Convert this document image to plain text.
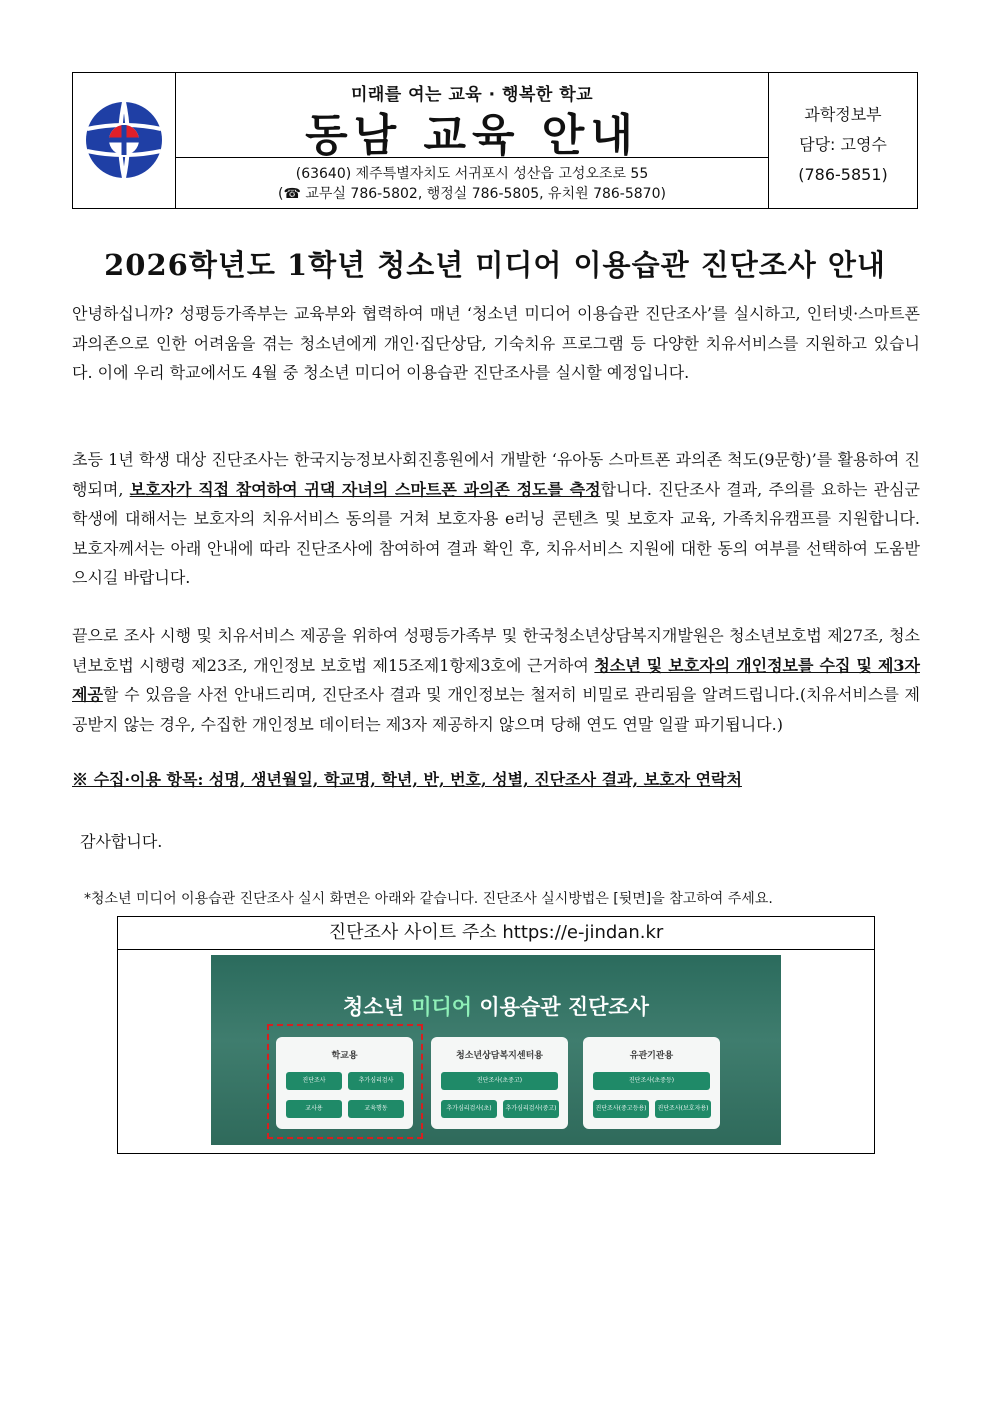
미래를 여는 교육 · 행복한 학교
동남 교육 안내
(63640) 제주특별자치도 서귀포시 성산읍 고성오조로 55
(☎ 교무실 786-5802, 행정실 786-5805, 유치원 786-5870)
과학정보부
담당: 고영수
(786-5851)
2026학년도 1학년 청소년 미디어 이용습관 진단조사 안내

안녕하십니까? 성평등가족부는 교육부와 협력하여 매년 ‘청소년 미디어 이용습관 진단조사’를 실시하고, 인터넷·스마트폰 과의존으로 인한 어려움을 겪는 청소년에게 개인·집단상담, 기숙치유 프로그램 등 다양한 치유서비스를 지원하고 있습니다. 이에 우리 학교에서도 4월 중 청소년 미디어 이용습관 진단조사를 실시할 예정입니다.

초등 1년 학생 대상 진단조사는 한국지능정보사회진흥원에서 개발한 ‘유아동 스마트폰 과의존 척도(9문항)’를 활용하여 진행되며, 보호자가 직접 참여하여 귀댁 자녀의 스마트폰 과의존 정도를 측정합니다. 진단조사 결과, 주의를 요하는 관심군 학생에 대해서는 보호자의 치유서비스 동의를 거쳐 보호자용 e러닝 콘텐츠 및 보호자 교육, 가족치유캠프를 지원합니다. 보호자께서는 아래 안내에 따라 진단조사에 참여하여 결과 확인 후, 치유서비스 지원에 대한 동의 여부를 선택하여 도움받으시길 바랍니다.

끝으로 조사 시행 및 치유서비스 제공을 위하여 성평등가족부 및 한국청소년상담복지개발원은 청소년보호법 제27조, 청소년보호법 시행령 제23조, 개인정보 보호법 제15조제1항제3호에 근거하여 청소년 및 보호자의 개인정보를 수집 및 제3자 제공할 수 있음을 사전 안내드리며, 진단조사 결과 및 개인정보는 철저히 비밀로 관리됨을 알려드립니다.(치유서비스를 제공받지 않는 경우, 수집한 개인정보 데이터는 제3자 제공하지 않으며 당해 연도 연말 일괄 파기됩니다.)

※ 수집·이용 항목: 성명, 생년월일, 학교명, 학년, 반, 번호, 성별, 진단조사 결과, 보호자 연락처
감사합니다.
*청소년 미디어 이용습관 진단조사 실시 화면은 아래와 같습니다. 진단조사 실시방법은 [뒷면]을 참고하여 주세요.
진단조사 사이트 주소 https://e-jindan.kr
청소년 미디어 이용습관 진단조사
학교용
진단조사	추가심리검사
교사용	교육행동
청소년상담복지센터용
진단조사(초중고)
추가심리검사(초)	추가심리검사(중고)
유관기관용
진단조사(초중등)
진단조사(중고등용)	진단조사(보호자용)
